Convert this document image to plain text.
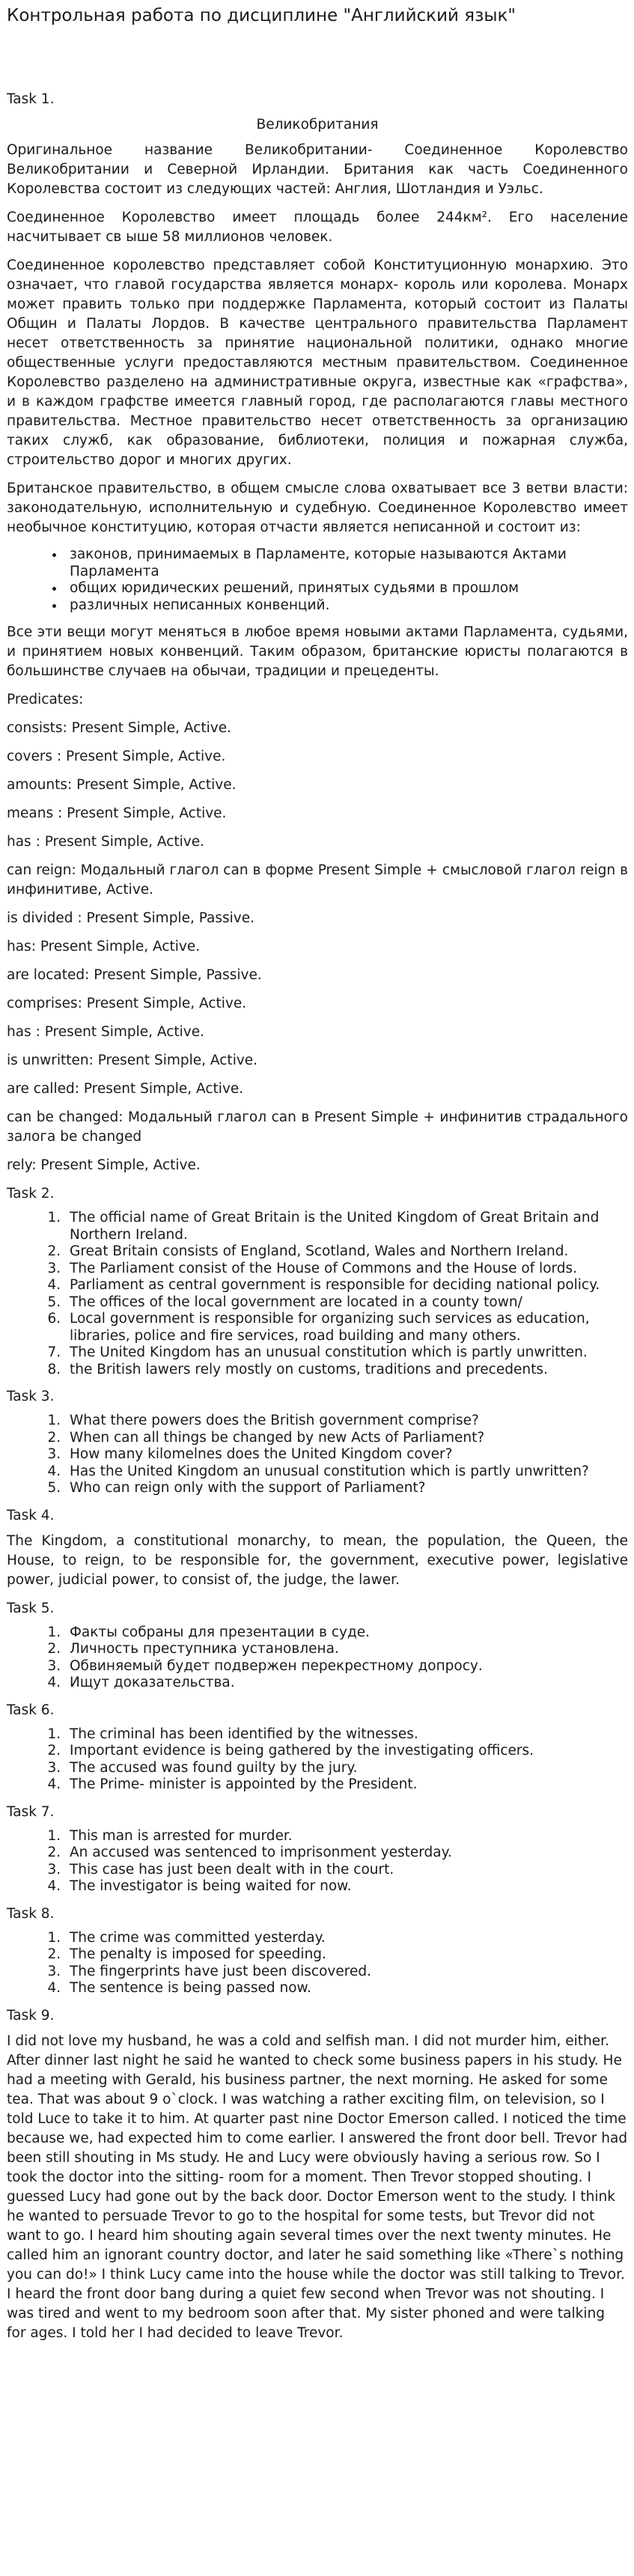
Контрольная работа по дисциплине "Английский язык"
Task 1.
Великобритания

Оригинальное название Великобритании- Соединенное Королевство Великобритании и Северной Ирландии. Британия как часть Соединенного Королевства состоит из следующих частей: Англия, Шотландия и Уэльс.

Соединенное Королевство имеет площадь более 244км². Его население насчитывает св ыше 58 миллионов человек.

Соединенное королевство представляет собой Конституционную монархию. Это означает, что главой государства является монарх- король или королева. Монарх может править только при поддержке Парламента, который состоит из Палаты Общин и Палаты Лордов. В качестве центрального правительства Парламент несет ответственность за принятие национальной политики, однако многие общественные услуги предоставляются местным правительством. Соединенное Королевство разделено на административные округа, известные как «графства», и в каждом графстве имеется главный город, где располагаются главы местного правительства. Местное правительство несет ответственность за организацию таких служб, как образование, библиотеки, полиция и пожарная служба, строительство дорог и многих других.

Британское правительство, в общем смысле слова охватывает все 3 ветви власти: законодательную, исполнительную и судебную. Соединенное Королевство имеет необычное конституцию, которая отчасти является неписанной и состоит из:

• законов, принимаемых в Парламенте, которые называются Актами Парламента
• общих юридических решений, принятых судьями в прошлом
• различных неписанных конвенций.

Все эти вещи могут меняться в любое время новыми актами Парламента, судьями, и принятием новых конвенций. Таким образом, британские юристы полагаются в большинстве случаев на обычаи, традиции и прецеденты.

Predicates:

consists: Present Simple, Active.
covers : Present Simple, Active.
amounts: Present Simple, Active.
means : Present Simple, Active.
has : Present Simple, Active.
can reign: Модальный глагол can в форме Present Simple + смысловой глагол reign в инфинитиве, Active.
is divided : Present Simple, Passive.
has: Present Simple, Active.
are located: Present Simple, Passive.
comprises: Present Simple, Active.
has : Present Simple, Active.
is unwritten: Present Simple, Active.
are called: Present Simple, Active.
can be changed: Модальный глагол can в Present Simple + инфинитив страдального залога be changed
rely: Present Simple, Active.
Task 2.
1. The official name of Great Britain is the United Kingdom of Great Britain and Northern Ireland.
2. Great Britain consists of England, Scotland, Wales and Northern Ireland.
3. The Parliament consist of the House of Commons and the House of lords.
4. Parliament as central government is responsible for deciding national policy.
5. The offices of the local government are located in a county town/
6. Local government is responsible for organizing such services as education, libraries, police and fire services, road building and many others.
7. The United Kingdom has an unusual constitution which is partly unwritten.
8. the British lawers rely mostly on customs, traditions and precedents.
Task 3.
1. What there powers does the British government comprise?
2. When can all things be changed by new Acts of Parliament?
3. How many kilomelnes does the United Kingdom cover?
4. Has the United Kingdom an unusual constitution which is partly unwritten?
5. Who can reign only with the support of Parliament?
Task 4.

The Kingdom, a constitutional monarchy, to mean, the population, the Queen, the House, to reign, to be responsible for, the government, executive power, legislative power, judicial power, to consist of, the judge, the lawer.

Task 5.
1. Факты собраны для презентации в суде.
2. Личность преступника установлена.
3. Обвиняемый будет подвержен перекрестному допросу.
4. Ищут доказательства.
Task 6.
1. The criminal has been identified by the witnesses.
2. Important evidence is being gathered by the investigating officers.
3. The accused was found guilty by the jury.
4. The Prime- minister is appointed by the President.
Task 7.
1. This man is arrested for murder.
2. An accused was sentenced to imprisonment yesterday.
3. This case has just been dealt with in the court.
4. The investigator is being waited for now.
Task 8.
1. The crime was committed yesterday.
2. The penalty is imposed for speeding.
3. The fingerprints have just been discovered.
4. The sentence is being passed now.
Task 9.

I did not love my husband, he was a cold and selfish man. I did not murder him, either. After dinner last night he said he wanted to check some business papers in his study. He had a meeting with Gerald, his business partner, the next morning. He asked for some tea. That was about 9 o`clock. I was watching a rather exciting film, on television, so I told Luce to take it to him. At quarter past nine Doctor Emerson called. I noticed the time because we, had expected him to come earlier. I answered the front door bell. Trevor had been still shouting in Ms study. He and Lucy were obviously having a serious row. So I took the doctor into the sitting- room for a moment. Then Trevor stopped shouting. I guessed Lucy had gone out by the back door. Doctor Emerson went to the study. I think he wanted to persuade Trevor to go to the hospital for some tests, but Trevor did not want to go. I heard him shouting again several times over the next twenty minutes. He called him an ignorant country doctor, and later he said something like «There`s nothing you can do!» I think Lucy came into the house while the doctor was still talking to Trevor. I heard the front door bang during a quiet few second when Trevor was not shouting. I was tired and went to my bedroom soon after that. My sister phoned and were talking for ages. I told her I had decided to leave Trevor.
